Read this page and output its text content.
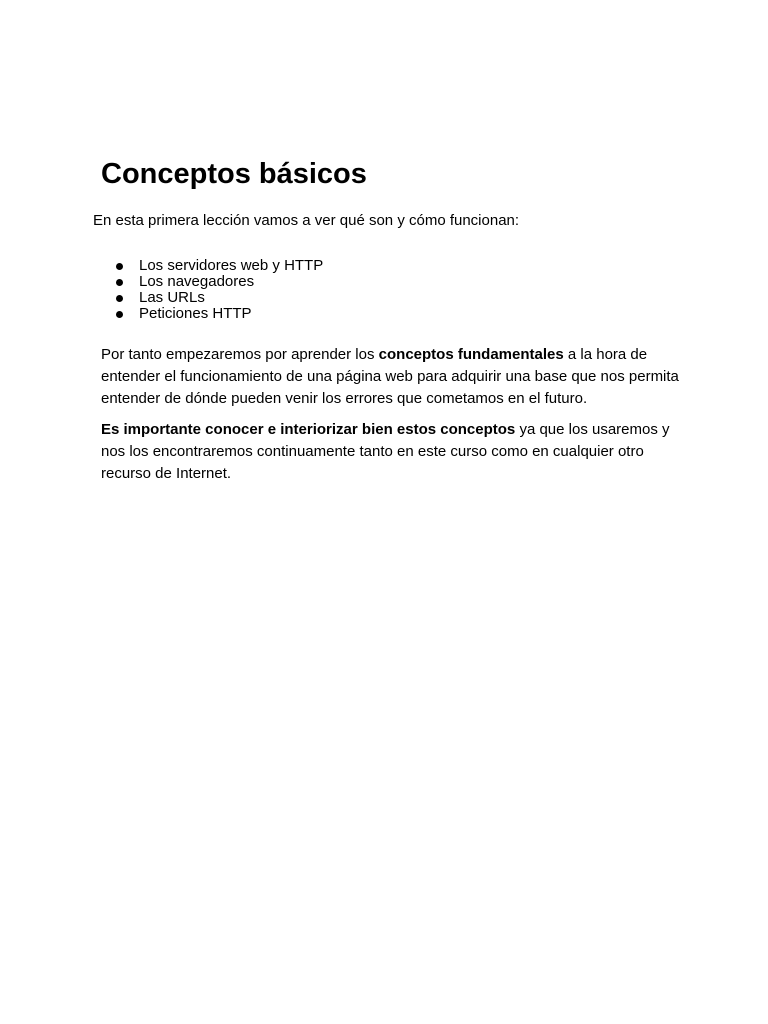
Conceptos básicos

En esta primera lección vamos a ver qué son y cómo funcionan:

Los servidores web y HTTP
Los navegadores
Las URLs
Peticiones HTTP

Por tanto empezaremos por aprender los conceptos fundamentales a la hora de entender el funcionamiento de una página web para adquirir una base que nos permita entender de dónde pueden venir los errores que cometamos en el futuro.

Es importante conocer e interiorizar bien estos conceptos ya que los usaremos y nos los encontraremos continuamente tanto en este curso como en cualquier otro recurso de Internet.
